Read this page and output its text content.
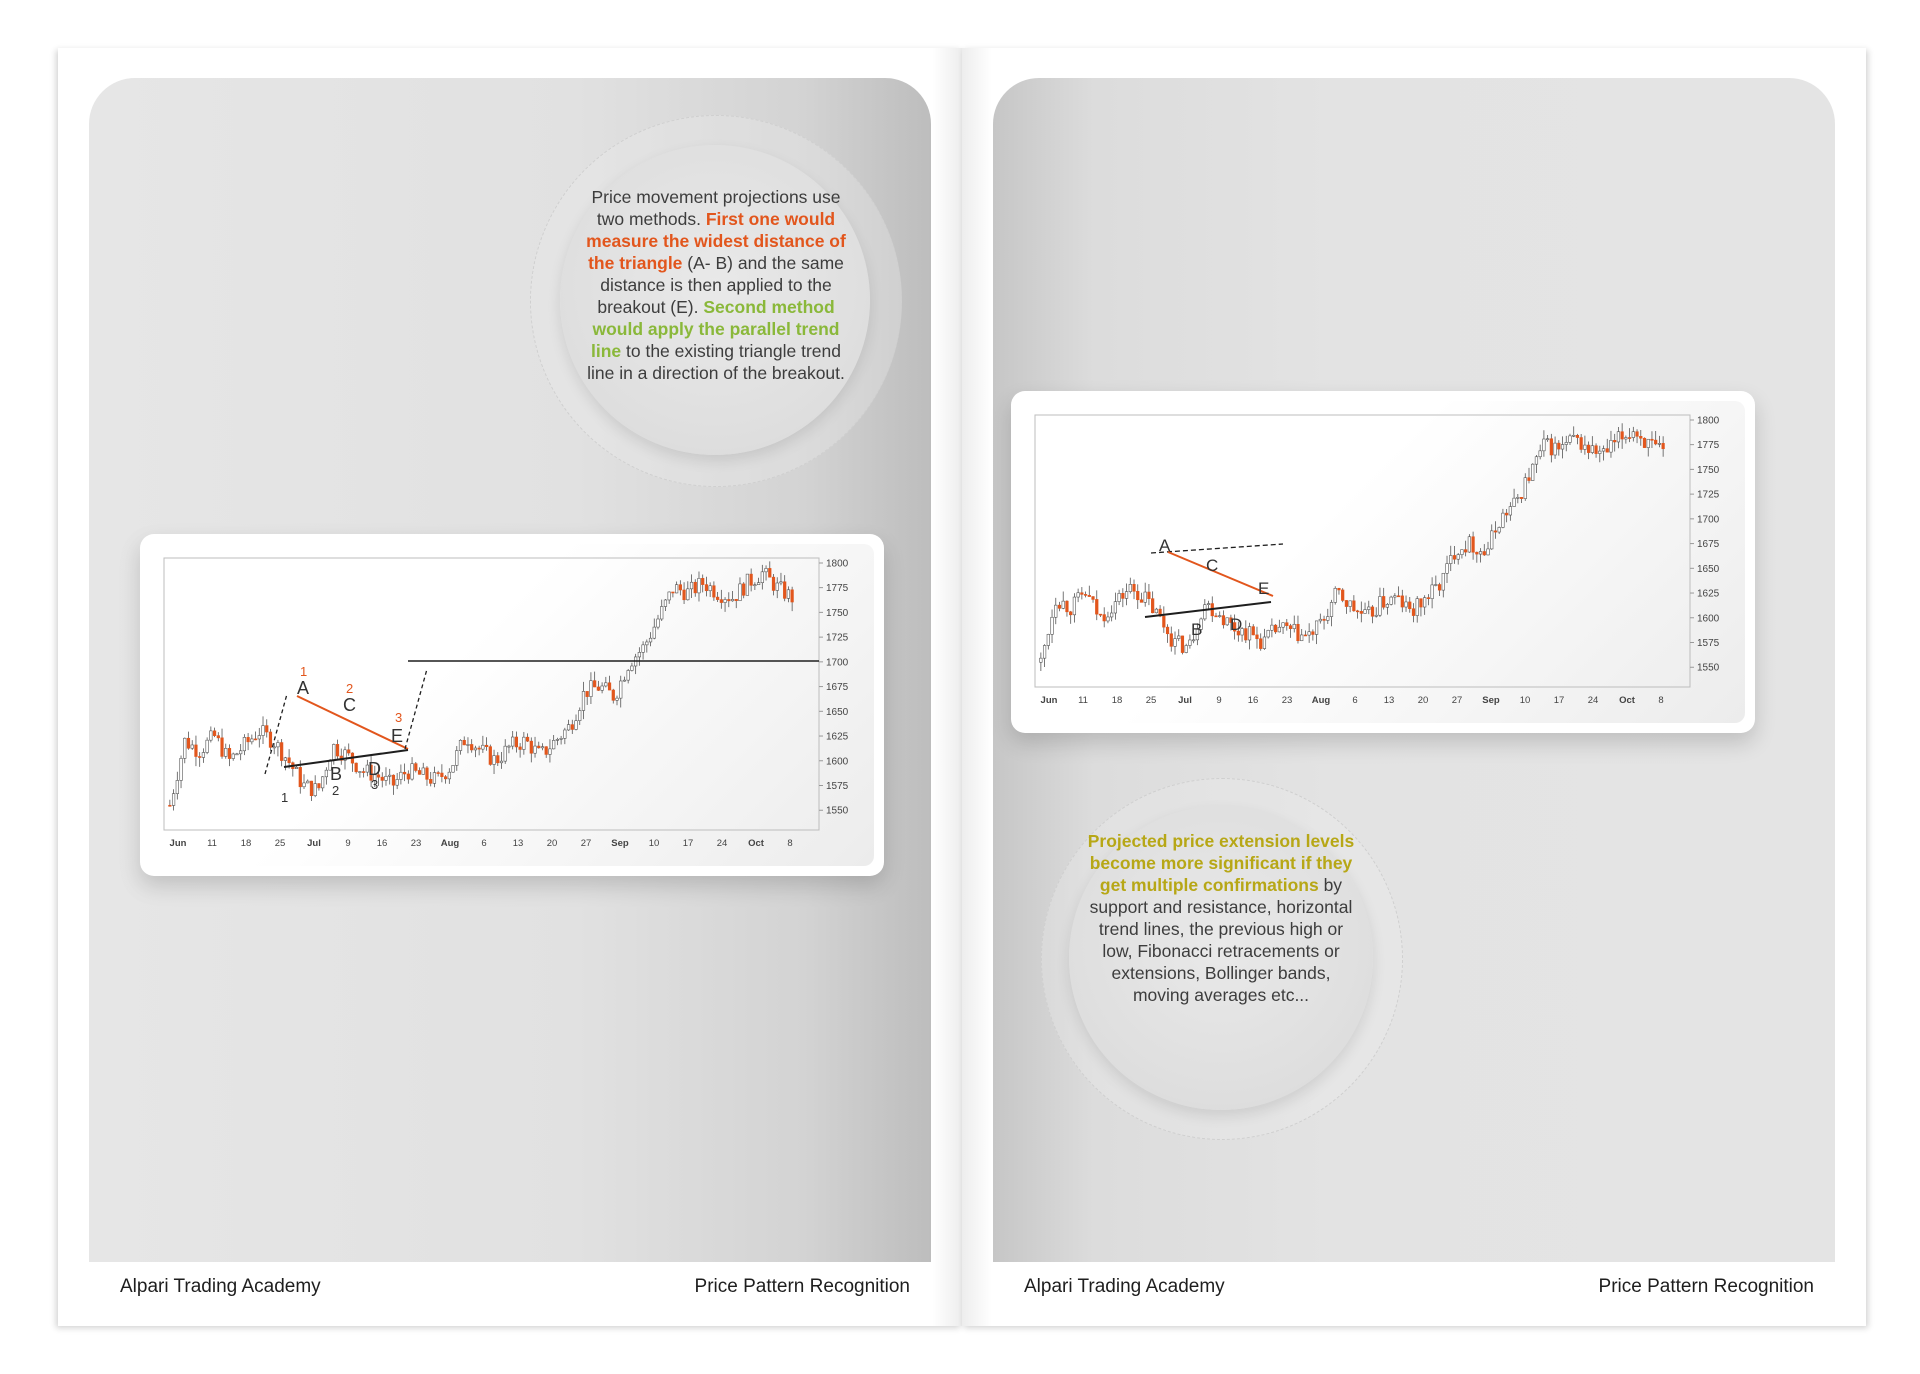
Price movement projections use two methods. First one would measure the widest distance of the triangle (A- B) and the same distance is then applied to the breakout (E). Second method would apply the parallel trend line to the existing triangle trend line in a direction of the breakout.
1800
1775
1750
1725
1700
1675
1650
1625
1600
1575
1550
Jun 11	18 25 Jul	9	16 23 Aug 6	13 20 27 Sep 10 17 24 Oct 8
A
C
E
B D
1
2
3
1	2 3
Alpari Trading Academy	Price Pattern Recognition
1800
1775
1750
1725
1700
1675
1650
1625
1600
1575
1550
Jun 11	18 25 Jul	9	16 23 Aug 6	13 20 27 Sep 10 17 24 Oct 8
A
C
E
B D
Projected price extension levels become more significant if they get multiple confirmations by support and resistance, horizontal trend lines, the previous high or low, Fibonacci retracements or extensions, Bollinger bands, moving averages etc...
Alpari Trading Academy	Price Pattern Recognition
